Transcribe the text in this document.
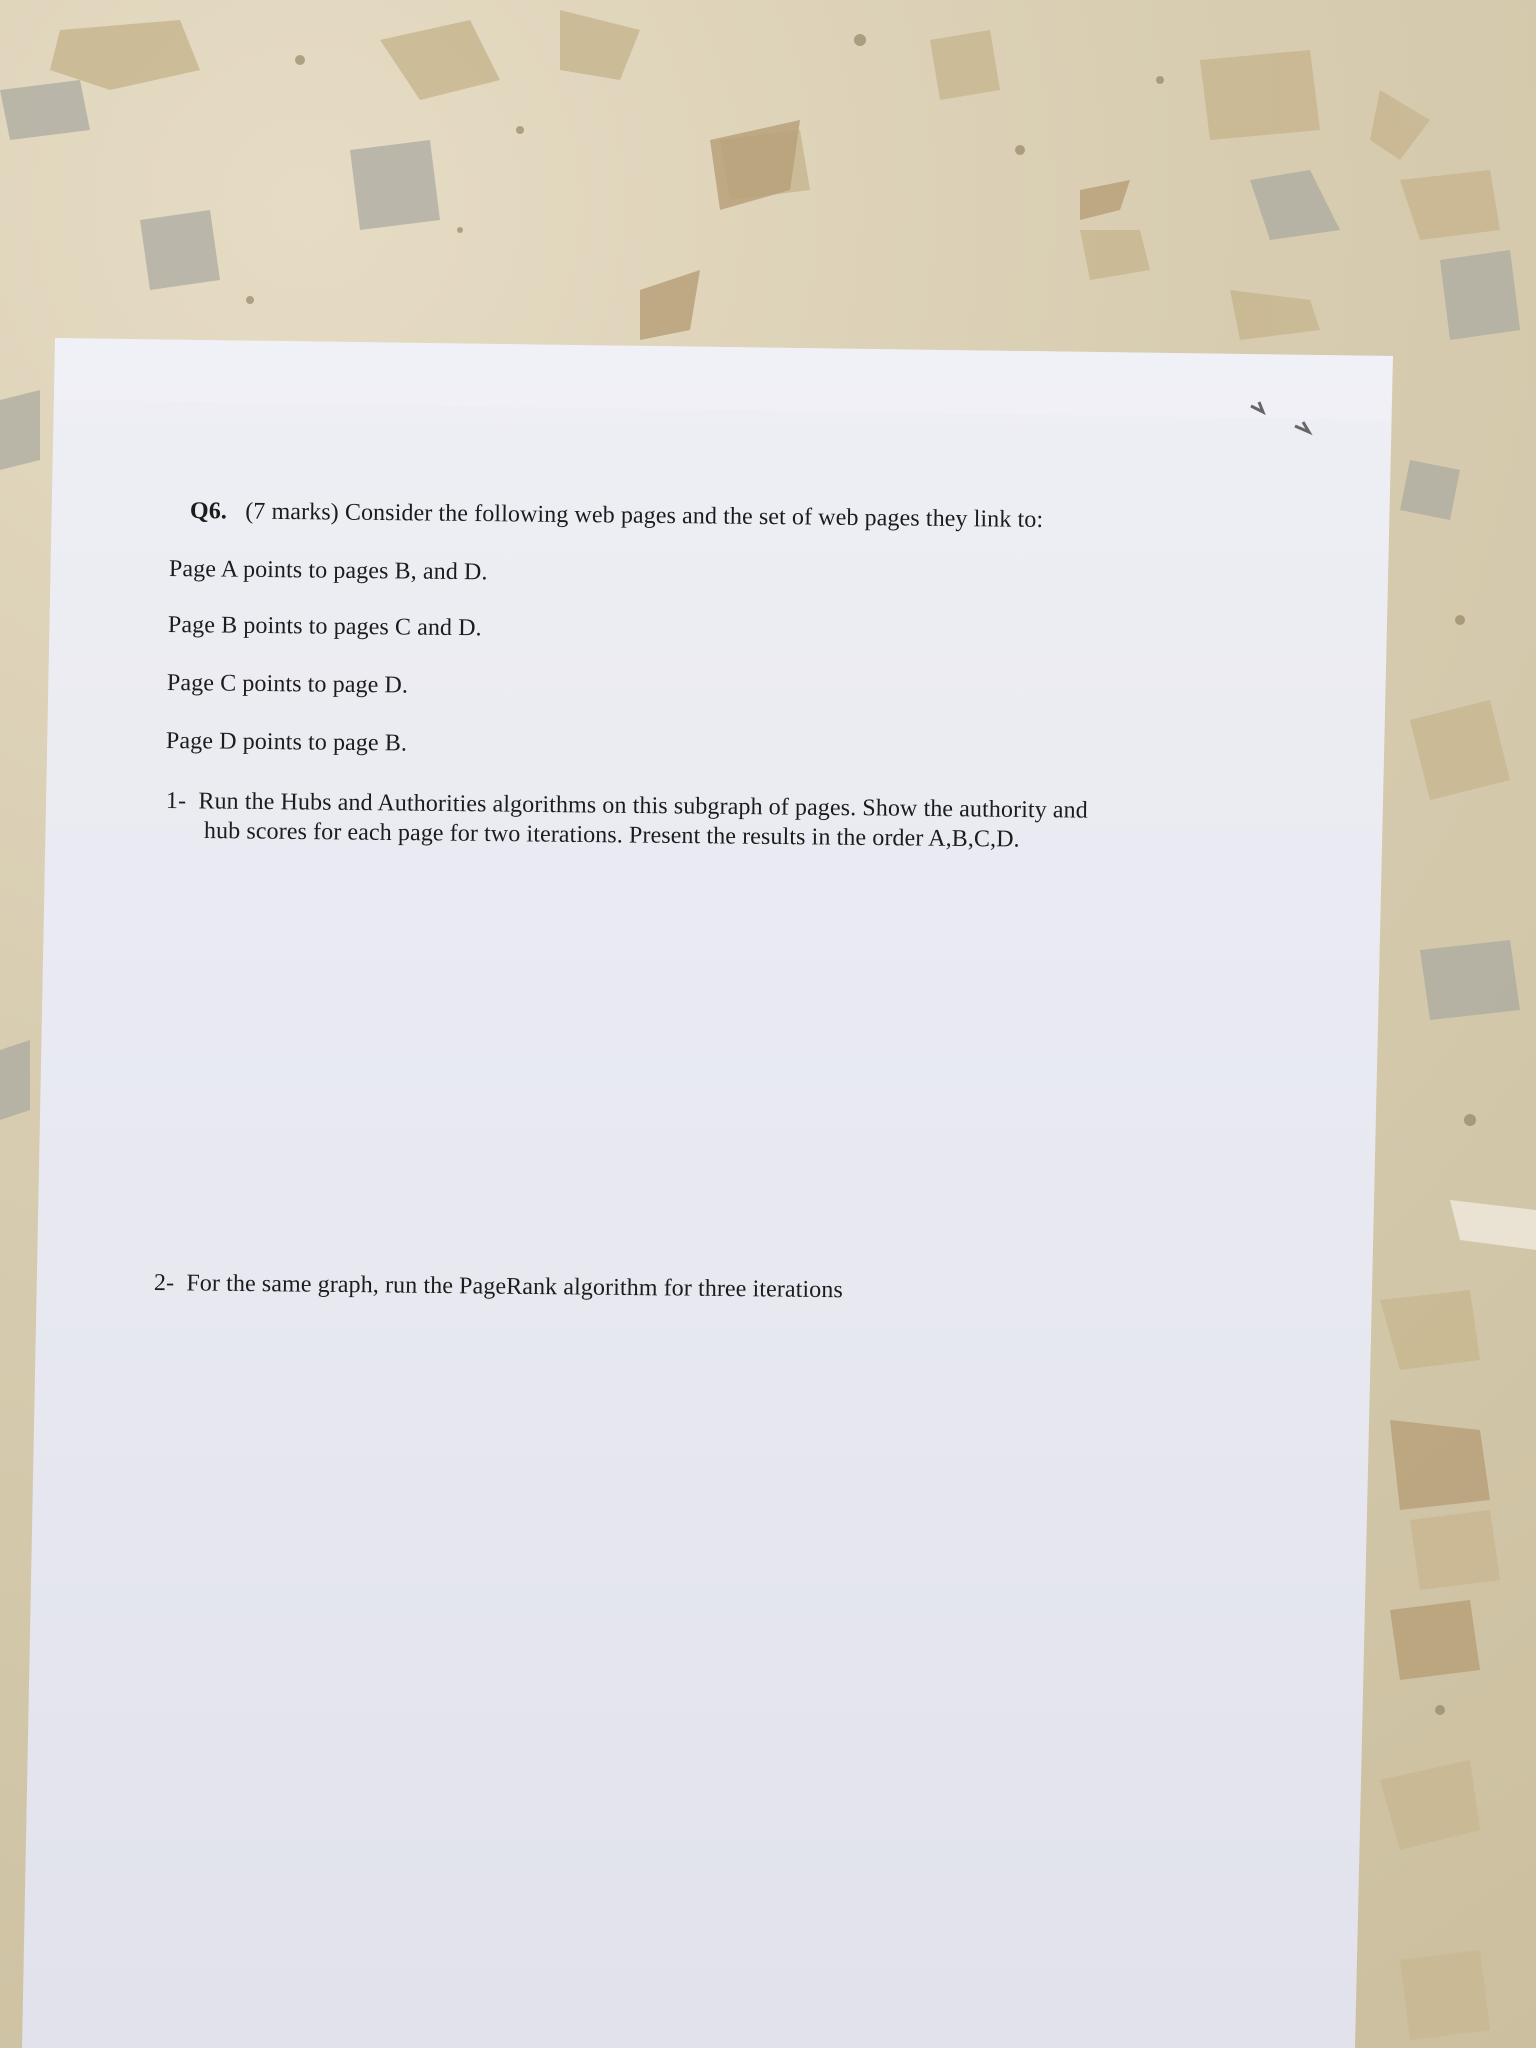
Q6. (7 marks) Consider the following web pages and the set of web pages they link to:
Page A points to pages B, and D.
Page B points to pages C and D.
Page C points to page D.
Page D points to page B.
1- Run the Hubs and Authorities algorithms on this subgraph of pages. Show the authority and
hub scores for each page for two iterations. Present the results in the order A,B,C,D.
2- For the same graph, run the PageRank algorithm for three iterations
